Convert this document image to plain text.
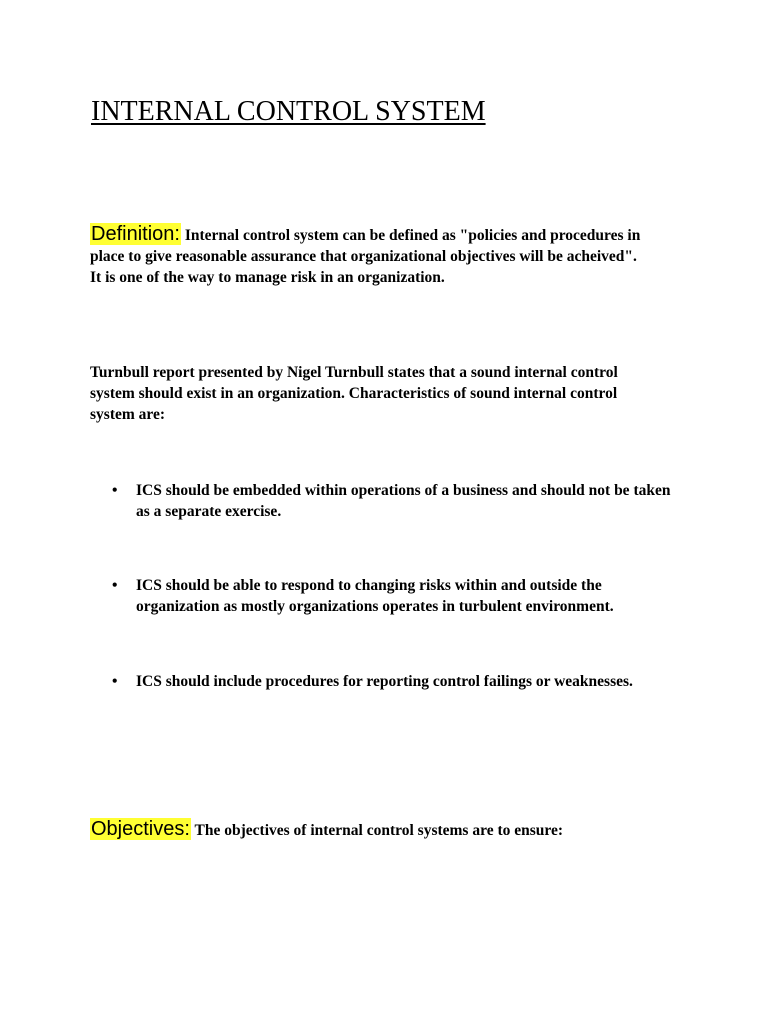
INTERNAL CONTROL SYSTEM

Definition: Internal control system can be defined as "policies and procedures in place to give reasonable assurance that organizational objectives will be acheived". It is one of the way to manage risk in an organization.

Turnbull report presented by Nigel Turnbull states that a sound internal control system should exist in an organization. Characteristics of sound internal control system are:

• ICS should be embedded within operations of a business and should not be taken as a separate exercise.
• ICS should be able to respond to changing risks within and outside the organization as mostly organizations operates in turbulent environment.
• ICS should include procedures for reporting control failings or weaknesses.

Objectives: The objectives of internal control systems are to ensure:
